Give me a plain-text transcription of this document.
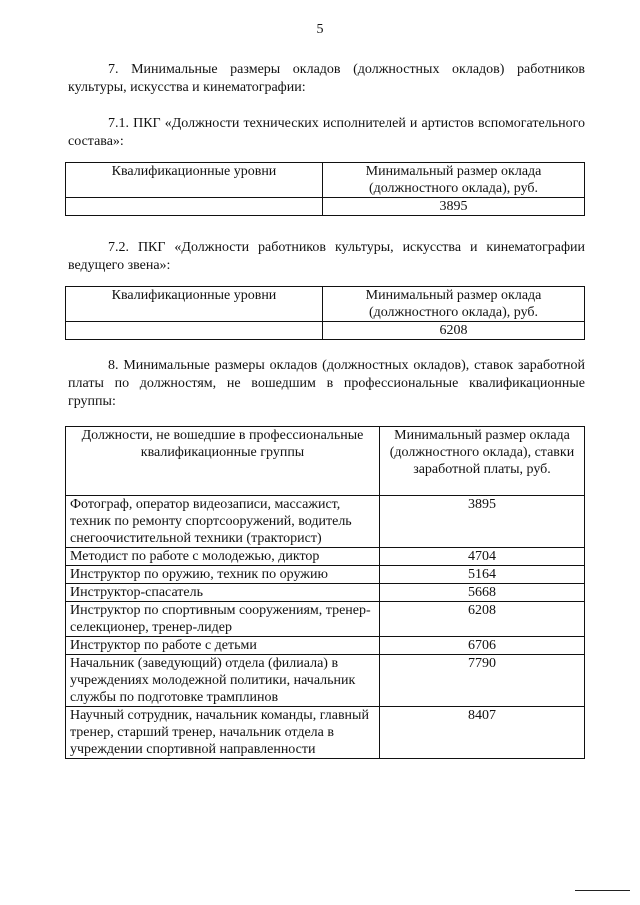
5

7. Минимальные размеры окладов (должностных окладов) работников культуры, искусства и кинематографии:

7.1. ПКГ «Должности технических исполнителей и артистов вспомогательного состава»:

Квалификационные уровни	Минимальный размер оклада (должностного оклада), руб.
	3895

7.2. ПКГ «Должности работников культуры, искусства и кинематографии ведущего звена»:

Квалификационные уровни	Минимальный размер оклада (должностного оклада), руб.
	6208

8. Минимальные размеры окладов (должностных окладов), ставок заработной платы по должностям, не вошедшим в профессиональные квалификационные группы:

Должности, не вошедшие в профессиональные квалификационные группы	Минимальный размер оклада (должностного оклада), ставки заработной платы, руб.
Фотограф, оператор видеозаписи, массажист, техник по ремонту спортсооружений, водитель снегоочистительной техники (тракторист)	3895
Методист по работе с молодежью, диктор	4704
Инструктор по оружию, техник по оружию	5164
Инструктор-спасатель	5668
Инструктор по спортивным сооружениям, тренер-селекционер, тренер-лидер	6208
Инструктор по работе с детьми	6706
Начальник (заведующий) отдела (филиала) в учреждениях молодежной политики, начальник службы по подготовке трамплинов	7790
Научный сотрудник, начальник команды, главный тренер, старший тренер, начальник отдела в учреждении спортивной направленности	8407
